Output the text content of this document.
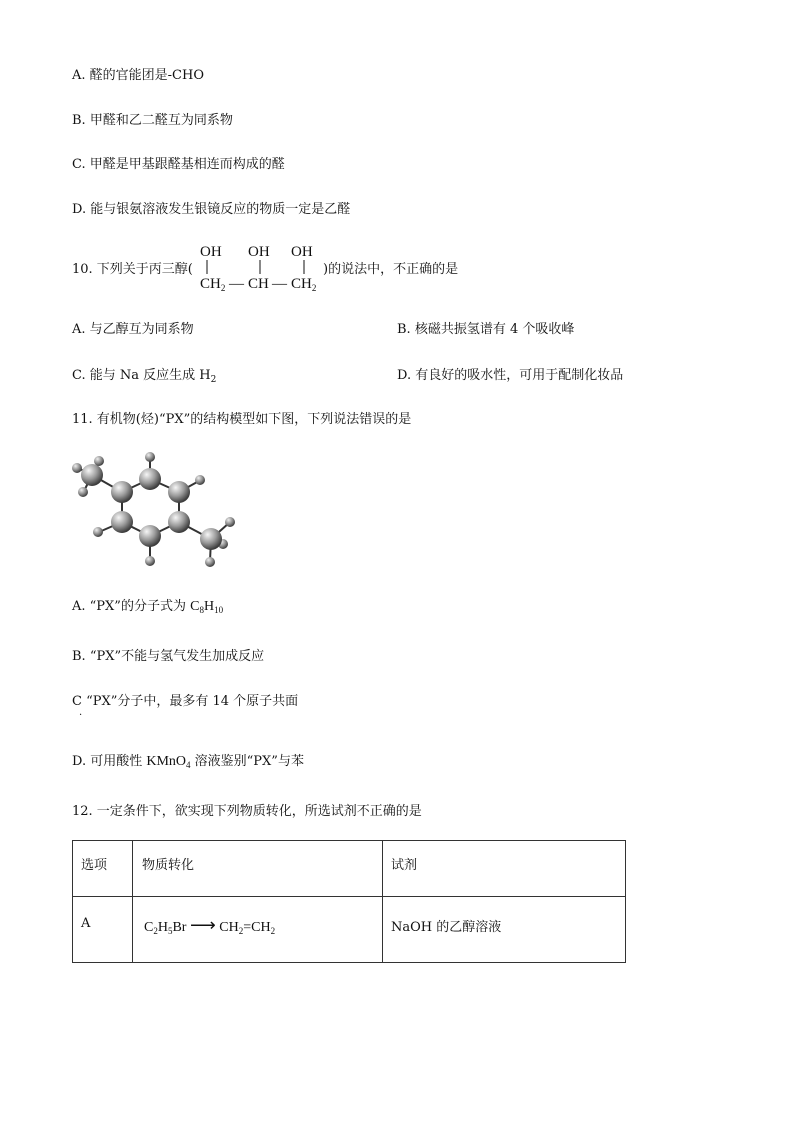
A. 醛的官能团是-CHO
B. 甲醛和乙二醛互为同系物
C. 甲醛是甲基跟醛基相连而构成的醛
D. 能与银氨溶液发生银镜反应的物质一定是乙醛
10. 下列关于丙三醇(
OH OH OH
$CH_2$ — CH — $CH_2$
)的说法中，不正确的是
A. 与乙醇互为同系物	B. 核磁共振氢谱有 4 个吸收峰
C. 能与 Na 反应生成 $H_2$	D. 有良好的吸水性，可用于配制化妆品
11. 有机物(烃)“PX”的结构模型如下图，下列说法错误的是
A. “PX”的分子式为 $C_8H_{10}$
B. “PX”不能与氢气发生加成反应
C “PX”分子中，最多有 14 个原子共面
.
D. 可用酸性 KMnO$_4$ 溶液鉴别“PX”与苯
12. 一定条件下，欲实现下列物质转化，所选试剂不正确的是
选项	物质转化	试剂

A	$C_2H_5Br$ ⟶ $CH_2=CH_2$	NaOH 的乙醇溶液
